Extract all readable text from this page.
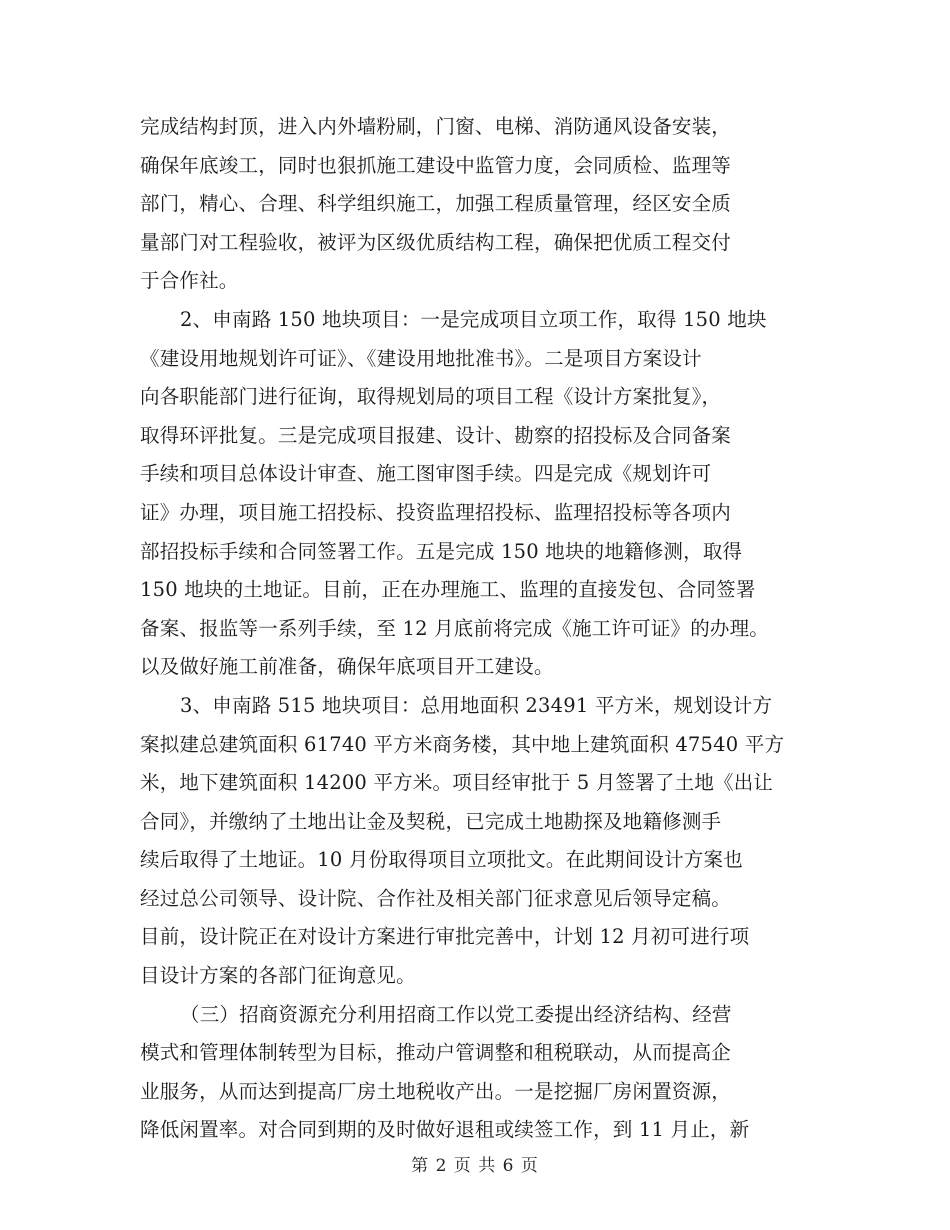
完成结构封顶，进入内外墙粉刷，门窗、电梯、消防通风设备安装，
确保年底竣工，同时也狠抓施工建设中监管力度，会同质检、监理等
部门，精心、合理、科学组织施工，加强工程质量管理，经区安全质
量部门对工程验收，被评为区级优质结构工程，确保把优质工程交付
于合作社。

2、申南路 150 地块项目：一是完成项目立项工作，取得 150 地块
《建设用地规划许可证》、《建设用地批准书》。二是项目方案设计
向各职能部门进行征询，取得规划局的项目工程《设计方案批复》，
取得环评批复。三是完成项目报建、设计、勘察的招投标及合同备案
手续和项目总体设计审查、施工图审图手续。四是完成《规划许可
证》办理，项目施工招投标、投资监理招投标、监理招投标等各项内
部招投标手续和合同签署工作。五是完成 150 地块的地籍修测，取得
150 地块的土地证。目前，正在办理施工、监理的直接发包、合同签署
备案、报监等一系列手续，至 12 月底前将完成《施工许可证》的办理。
以及做好施工前准备，确保年底项目开工建设。

3、申南路 515 地块项目：总用地面积 23491 平方米，规划设计方
案拟建总建筑面积 61740 平方米商务楼，其中地上建筑面积 47540 平方
米，地下建筑面积 14200 平方米。项目经审批于 5 月签署了土地《出让
合同》，并缴纳了土地出让金及契税，已完成土地勘探及地籍修测手
续后取得了土地证。10 月份取得项目立项批文。在此期间设计方案也
经过总公司领导、设计院、合作社及相关部门征求意见后领导定稿。
目前，设计院正在对设计方案进行审批完善中，计划 12 月初可进行项
目设计方案的各部门征询意见。

（三）招商资源充分利用招商工作以党工委提出经济结构、经营
模式和管理体制转型为目标，推动户管调整和租税联动，从而提高企
业服务，从而达到提高厂房土地税收产出。一是挖掘厂房闲置资源，
降低闲置率。对合同到期的及时做好退租或续签工作，到 11 月止，新

第 2 页 共 6 页
